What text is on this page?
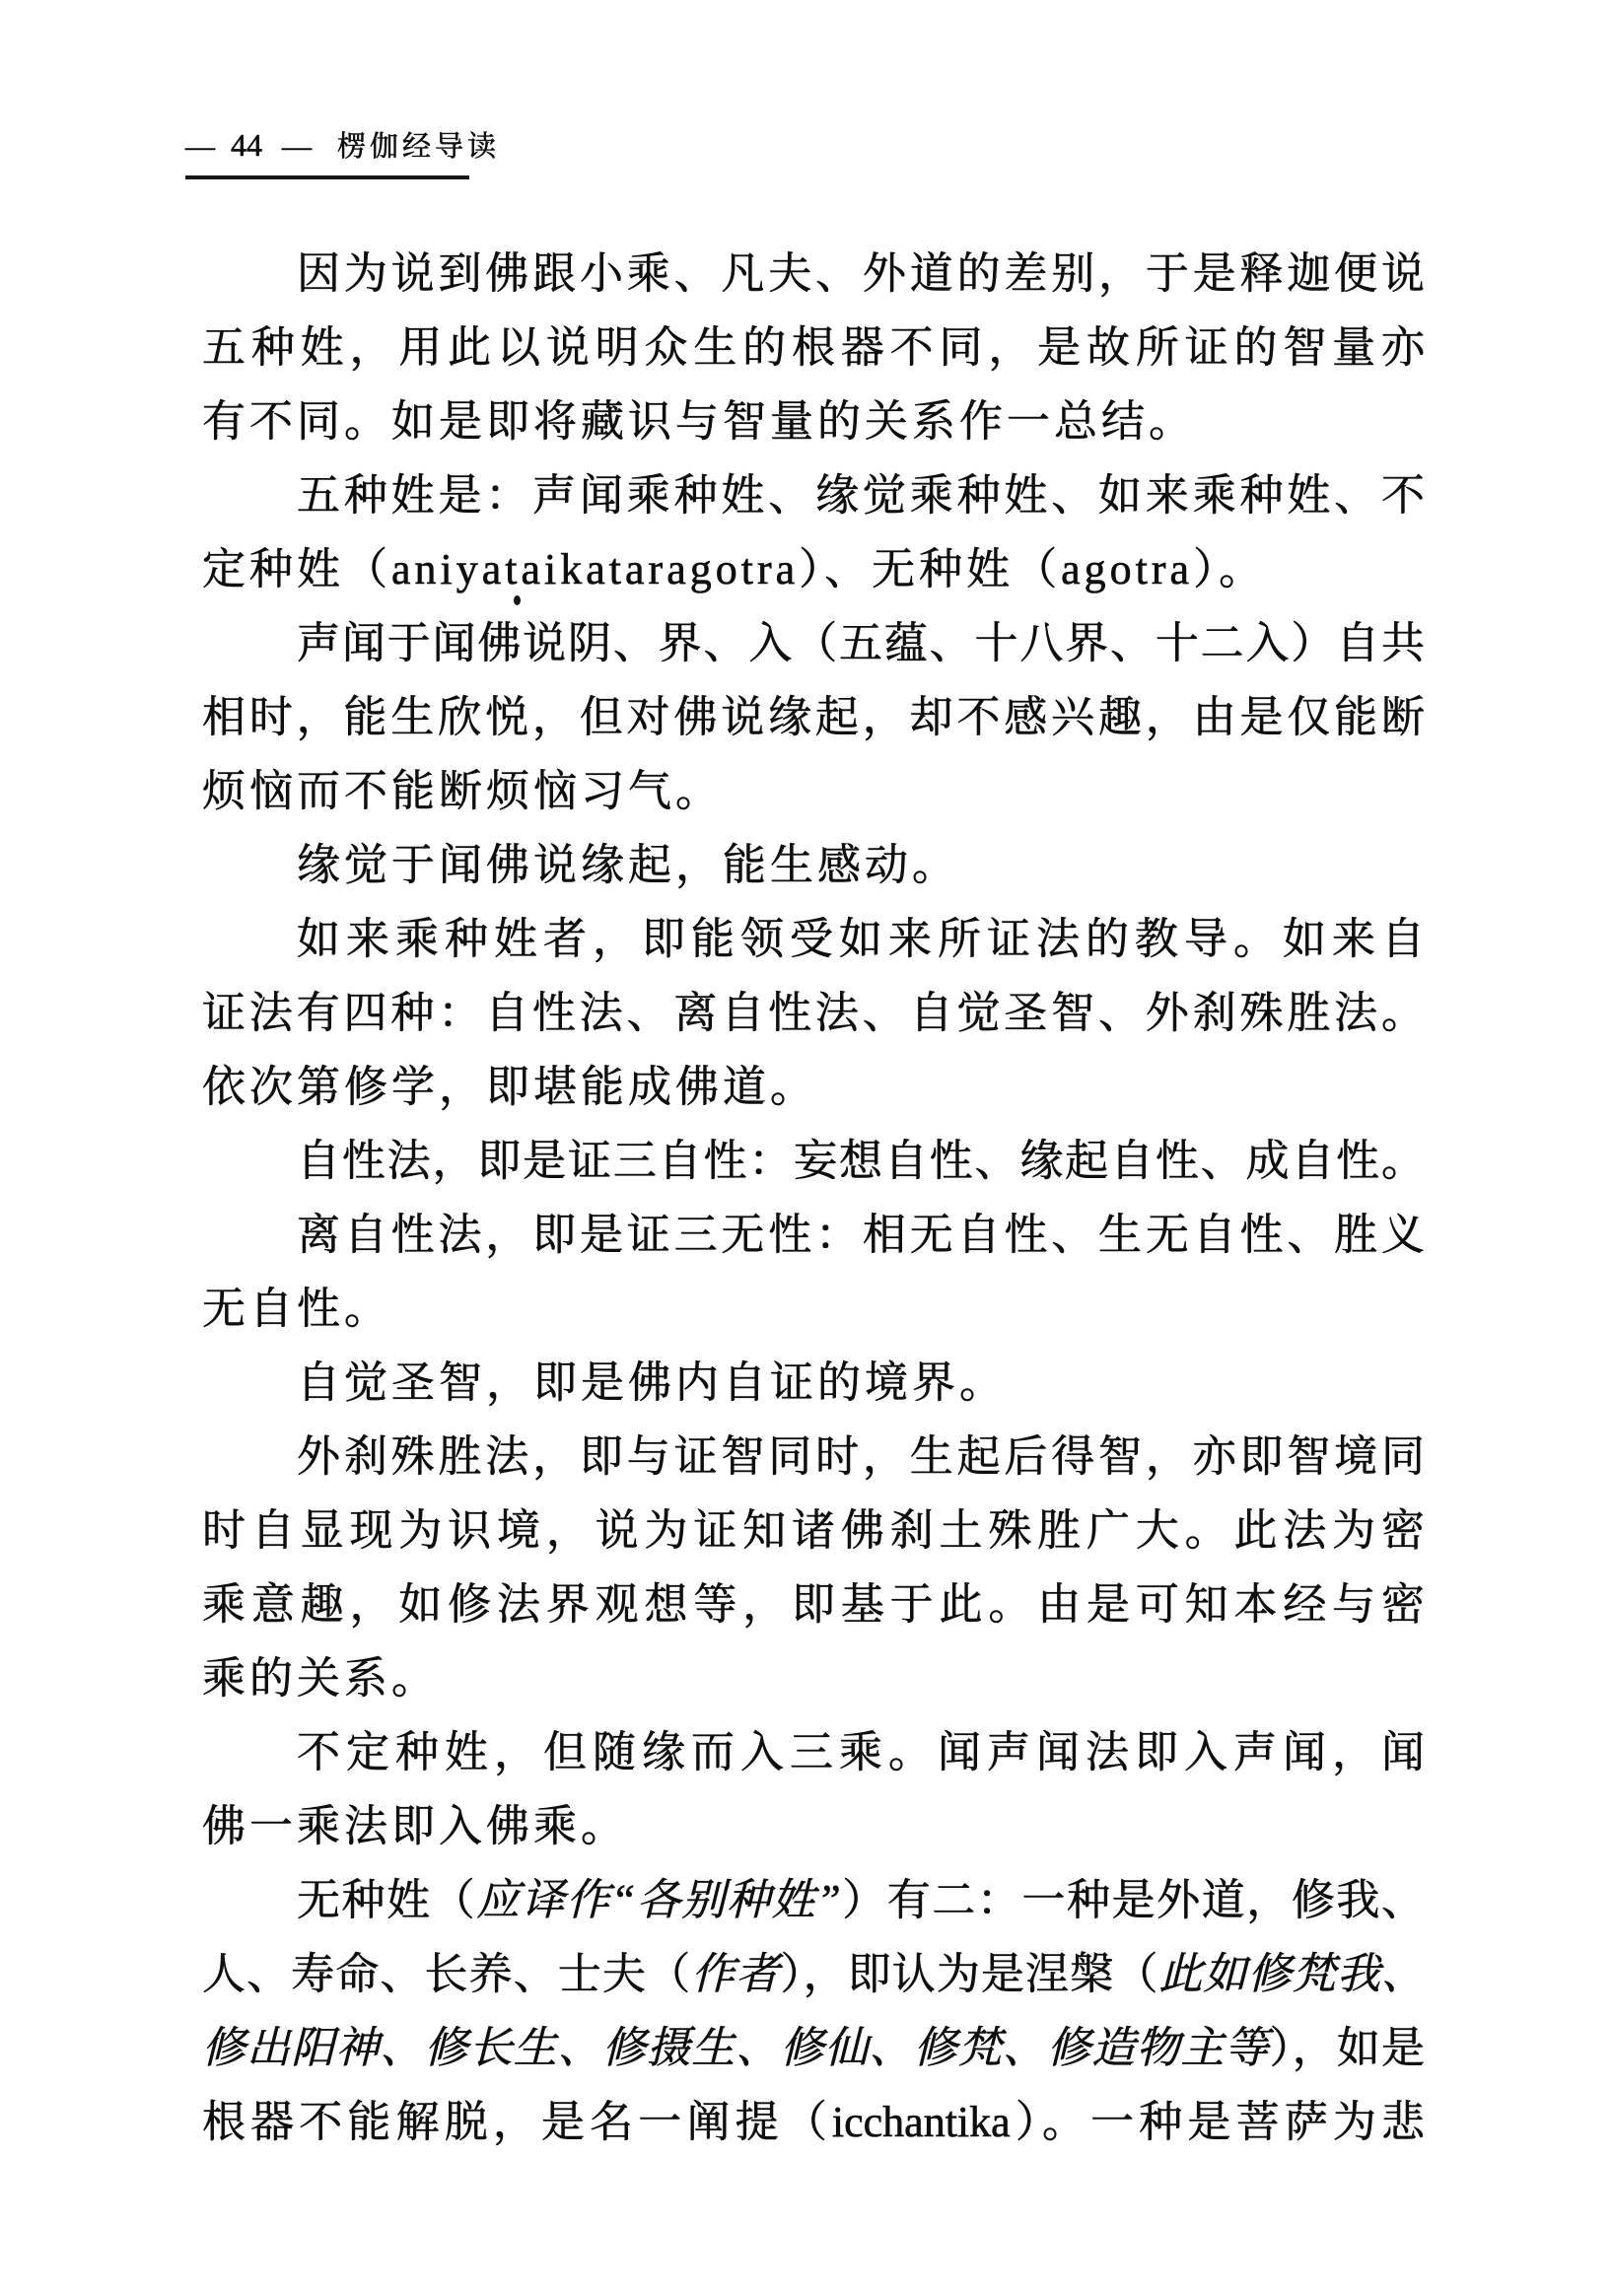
— 44 — 楞伽经导读
因为说到佛跟小乘、凡夫、外道的差别，于是释迦便说
五种姓，用此以说明众生的根器不同，是故所证的智量亦
有不同。如是即将藏识与智量的关系作一总结。
五种姓是：声闻乘种姓、缘觉乘种姓、如来乘种姓、不
定种姓（aniyataikataragotra）、无种姓（agotra）。
声闻于闻佛说阴、界、入（五蕴、十八界、十二入）自共
相时，能生欣悦，但对佛说缘起，却不感兴趣，由是仅能断
烦恼而不能断烦恼习气。
缘觉于闻佛说缘起，能生感动。
如来乘种姓者，即能领受如来所证法的教导。如来自
证法有四种：自性法、离自性法、自觉圣智、外刹殊胜法。
依次第修学，即堪能成佛道。
自性法，即是证三自性：妄想自性、缘起自性、成自性。
离自性法，即是证三无性：相无自性、生无自性、胜义
无自性。
自觉圣智，即是佛内自证的境界。
外刹殊胜法，即与证智同时，生起后得智，亦即智境同
时自显现为识境，说为证知诸佛刹土殊胜广大。此法为密
乘意趣，如修法界观想等，即基于此。由是可知本经与密
乘的关系。
不定种姓，但随缘而入三乘。闻声闻法即入声闻，闻
佛一乘法即入佛乘。
无种姓（应译作“各别种姓”）有二：一种是外道，修我、
人、寿命、长养、士夫（作者），即认为是涅槃（此如修梵我、
修出阳神、修长生、修摄生、修仙、修梵、修造物主等），如是
根器不能解脱，是名一阐提（icchantika）。一种是菩萨为悲
